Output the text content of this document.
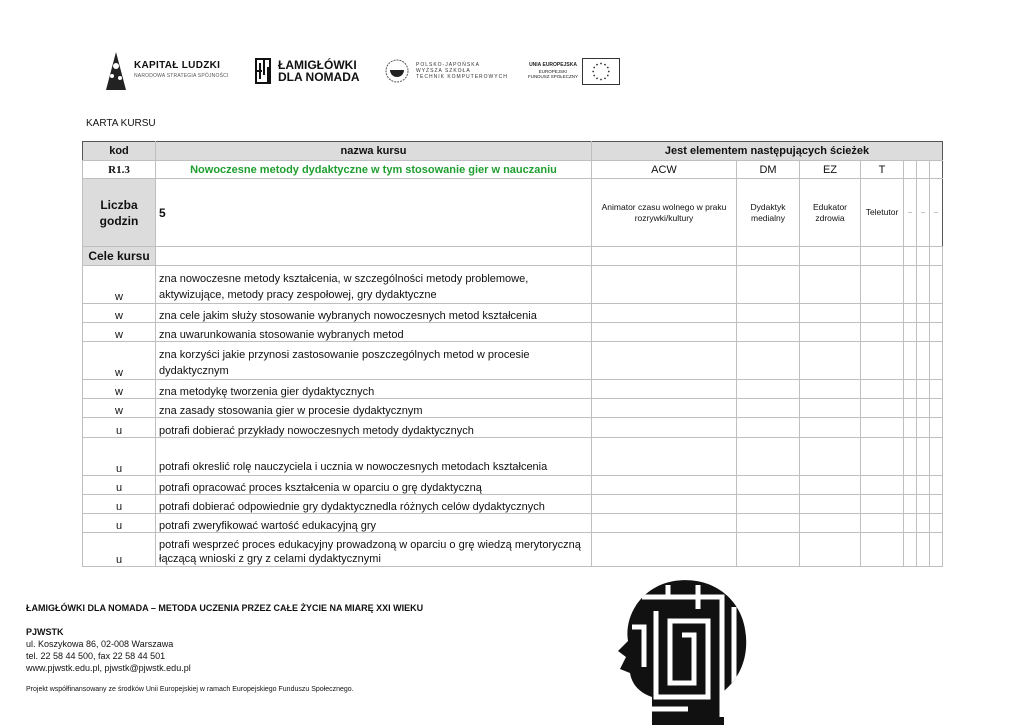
KAPITAŁ LUDZKI
NARODOWA STRATEGIA SPÓJNOŚCI
ŁAMIGŁÓWKI
DLA NOMADA
POLSKO-JAPOŃSKA
WYŻSZA SZKOŁA
TECHNIK KOMPUTEROWYCH
UNIA EUROPEJSKA
EUROPEJSKI
FUNDUSZ SPOŁECZNY
KARTA KURSU
kod	nazwa kursu	Jest elementem następujących ścieżek						
R1.3	Nowoczesne metody dydaktyczne w tym stosowanie gier w nauczaniu	ACW	DM	EZ	T			
Liczba godzin	5	Animator czasu wolnego w praku rozrywki/kultury	Dydaktyk medialny	Edukator zdrowia	Teletutor	--	--	--
Cele kursu								
w	zna nowoczesne metody kształcenia, w szczególności metody problemowe, aktywizujące, metody pracy zespołowej, gry dydaktyczne							
w	zna cele jakim służy stosowanie wybranych nowoczesnych metod kształcenia							
w	zna uwarunkowania stosowanie wybranych metod							
w	zna korzyści jakie przynosi zastosowanie poszczególnych metod w procesie dydaktycznym							
w	zna metodykę tworzenia gier dydaktycznych							
w	zna zasady stosowania gier w procesie dydaktycznym							
u	potrafi dobierać przykłady nowoczesnych metody dydaktycznych							
u	potrafi okreslić rolę nauczyciela i ucznia w nowoczesnych metodach kształcenia							
u	potrafi opracować proces kształcenia w oparciu o grę dydaktyczną							
u	potrafi dobierać odpowiednie gry dydaktycznedla różnych celów dydaktycznych							
u	potrafi zweryfikować wartość edukacyjną gry							
u	potrafi wesprzeć proces edukacyjny prowadzoną w oparciu o grę wiedzą merytoryczną łączącą wnioski z gry z celami dydaktycznymi							
ŁAMIGŁÓWKI DLA NOMADA – METODA UCZENIA PRZEZ CAŁE ŻYCIE NA MIARĘ XXI WIEKU
PJWSTK
ul. Koszykowa 86, 02-008 Warszawa
tel. 22 58 44 500, fax 22 58 44 501
www.pjwstk.edu.pl, pjwstk@pjwstk.edu.pl
Projekt współfinansowany ze środków Unii Europejskiej w ramach Europejskiego Funduszu Społecznego.
